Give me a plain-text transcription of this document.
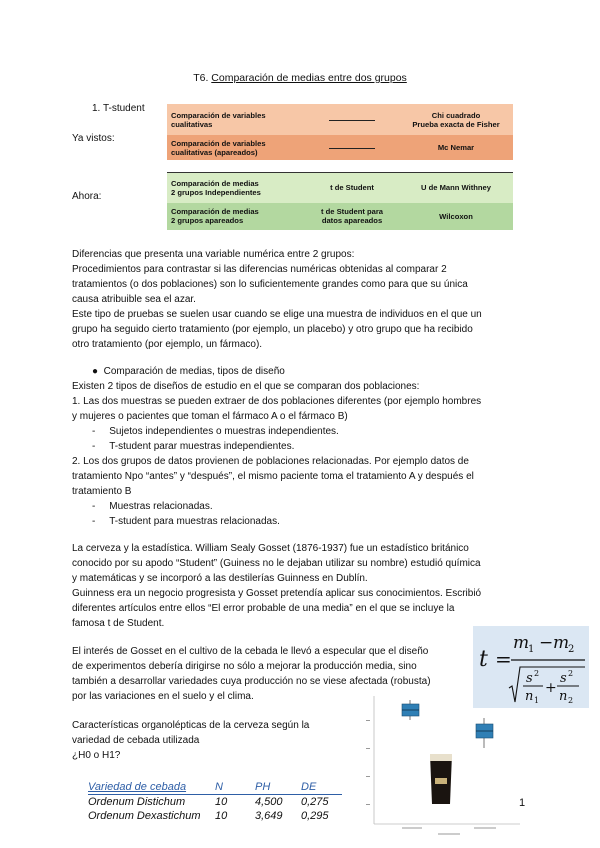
T6. Comparación de medias entre dos grupos
1. T-student
Ya vistos:
Ahora:
Comparación de variables cualitativas		Chi cuadrado
Prueba exacta de Fisher
Comparación de variables cualitativas (apareados)		Mc Nemar
Comparación de medias
2 grupos Independientes	t de Student	U de Mann Withney
Comparación de medias
2 grupos apareados	t de Student para
datos apareados	Wilcoxon
Diferencias que presenta una variable numérica entre 2 grupos:
Procedimientos para contrastar si las diferencias numéricas obtenidas al comparar 2
tratamientos (o dos poblaciones) son lo suficientemente grandes como para que su única
causa atribuible sea el azar.
Este tipo de pruebas se suelen usar cuando se elige una muestra de individuos en el que un
grupo ha seguido cierto tratamiento (por ejemplo, un placebo) y otro grupo que ha recibido
otro tratamiento (por ejemplo, un fármaco).
● Comparación de medias, tipos de diseño
Existen 2 tipos de diseños de estudio en el que se comparan dos poblaciones:
1. Las dos muestras se pueden extraer de dos poblaciones diferentes (por ejemplo hombres
y mujeres o pacientes que toman el fármaco A o el fármaco B)
-     Sujetos independientes o muestras independientes.
-     T-student parar muestras independientes.
2. Los dos grupos de datos provienen de poblaciones relacionadas. Por ejemplo datos de
tratamiento Npo “antes” y “después”, el mismo paciente toma el tratamiento A y después el
tratamiento B
-     Muestras relacionadas.
-     T-student para muestras relacionadas.
La cerveza y la estadística. William Sealy Gosset (1876-1937) fue un estadístico británico
conocido por su apodo “Student” (Guiness no le dejaban utilizar su nombre) estudió química
y matemáticas y se incorporó a las destilerías Guinness en Dublín.
Guinness era un negocio progresista y Gosset pretendía aplicar sus conocimientos. Escribió
diferentes artículos entre ellos “El error probable de una media” en el que se incluye la
famosa t de Student.
El interés de Gosset en el cultivo de la cebada le llevó a especular que el diseño
de experimentos debería dirigirse no sólo a mejorar la producción media, sino
también a desarrollar variedades cuya producción no se viese afectada (robusta)
por las variaciones en el suelo y el clima.
t =
m
1 − m
2
s 2
n 1
+
s 2
n 2
Características organolépticas de la cerveza según la
variedad de cebada utilizada
¿H0 o H1?
Variedad de cebada	N	PH	DE
Ordenum Distichum	10	4,500	0,275
Ordenum Dexastichum	10	3,649	0,295
1
